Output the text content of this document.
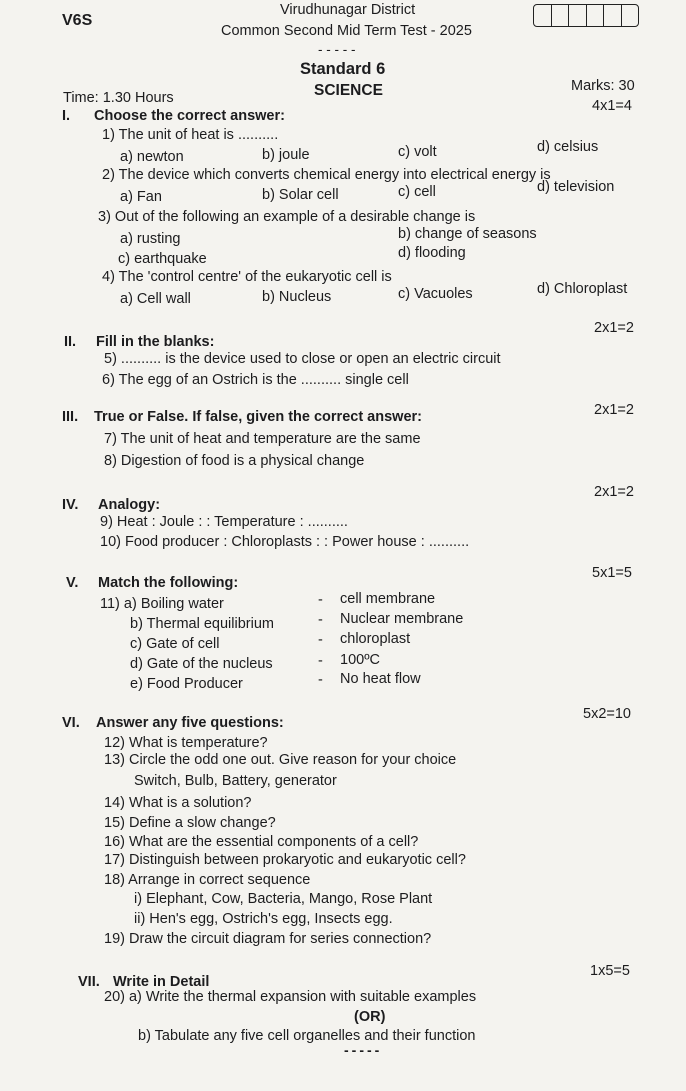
V6S
Virudhunagar District
Common Second Mid Term Test - 2025
- - - - -
Standard 6
Time: 1.30 Hours	SCIENCE	Marks: 30
I. Choose the correct answer:
4x1=4
1) The unit of heat is ..........
a) newton	b) joule	c) volt	d) celsius
2) The device which converts chemical energy into electrical energy is
a) Fan	b) Solar cell	c) cell	d) television
3) Out of the following an example of a desirable change is
a) rusting	b) change of seasons
c) earthquake	d) flooding
4) The 'control centre' of the eukaryotic cell is
a) Cell wall	b) Nucleus	c) Vacuoles	d) Chloroplast
II. Fill in the blanks:
2x1=2
5) .......... is the device used to close or open an electric circuit
6) The egg of an Ostrich is the .......... single cell
III. True or False. If false, given the correct answer:	2x1=2
7) The unit of heat and temperature are the same
8) Digestion of food is a physical change
IV. Analogy:
2x1=2
9) Heat : Joule : : Temperature : ..........
10) Food producer : Chloroplasts : : Power house : ..........
V. Match the following:
5x1=5
11) a) Boiling water	- cell membrane
b) Thermal equilibrium	- Nuclear membrane
c) Gate of cell	- chloroplast
d) Gate of the nucleus	- 100ºC
e) Food Producer	- No heat flow
VI. Answer any five questions:
5x2=10
12) What is temperature?
13) Circle the odd one out. Give reason for your choice
Switch, Bulb, Battery, generator
14) What is a solution?
15) Define a slow change?
16) What are the essential components of a cell?
17) Distinguish between prokaryotic and eukaryotic cell?
18) Arrange in correct sequence
i) Elephant, Cow, Bacteria, Mango, Rose Plant
ii) Hen's egg, Ostrich's egg, Insects egg.
19) Draw the circuit diagram for series connection?
VII. Write in Detail
1x5=5
20) a) Write the thermal expansion with suitable examples
(OR)
b) Tabulate any five cell organelles and their function
-----
